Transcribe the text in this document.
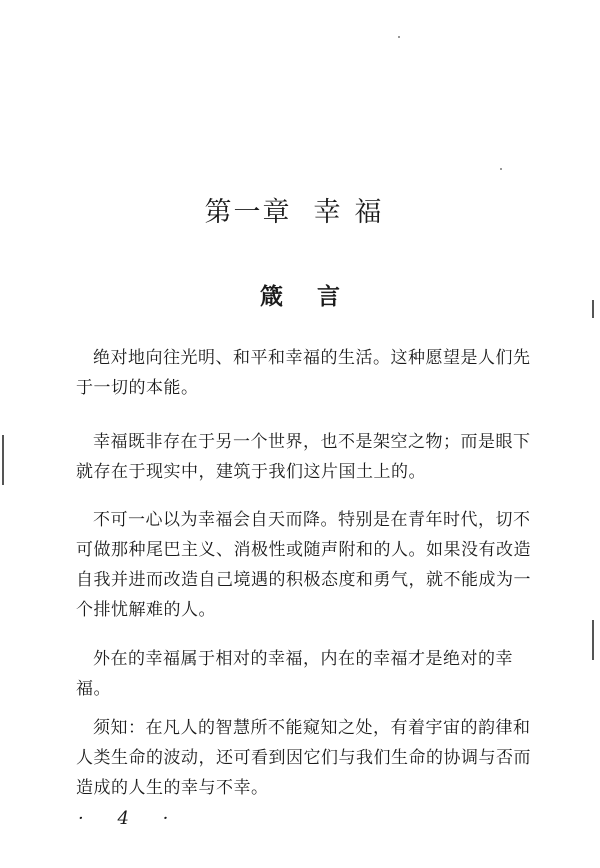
第一章 幸福
箴言

绝对地向往光明、和平和幸福的生活。这种愿望是人们先于一切的本能。

幸福既非存在于另一个世界，也不是架空之物；而是眼下就存在于现实中，建筑于我们这片国土上的。

不可一心以为幸福会自天而降。特别是在青年时代，切不可做那种尾巴主义、消极性或随声附和的人。如果没有改造自我并进而改造自己境遇的积极态度和勇气，就不能成为一个排忧解难的人。

外在的幸福属于相对的幸福，内在的幸福才是绝对的幸福。

须知：在凡人的智慧所不能窥知之处，有着宇宙的韵律和人类生命的波动，还可看到因它们与我们生命的协调与否而造成的人生的幸与不幸。

· 4 ·
